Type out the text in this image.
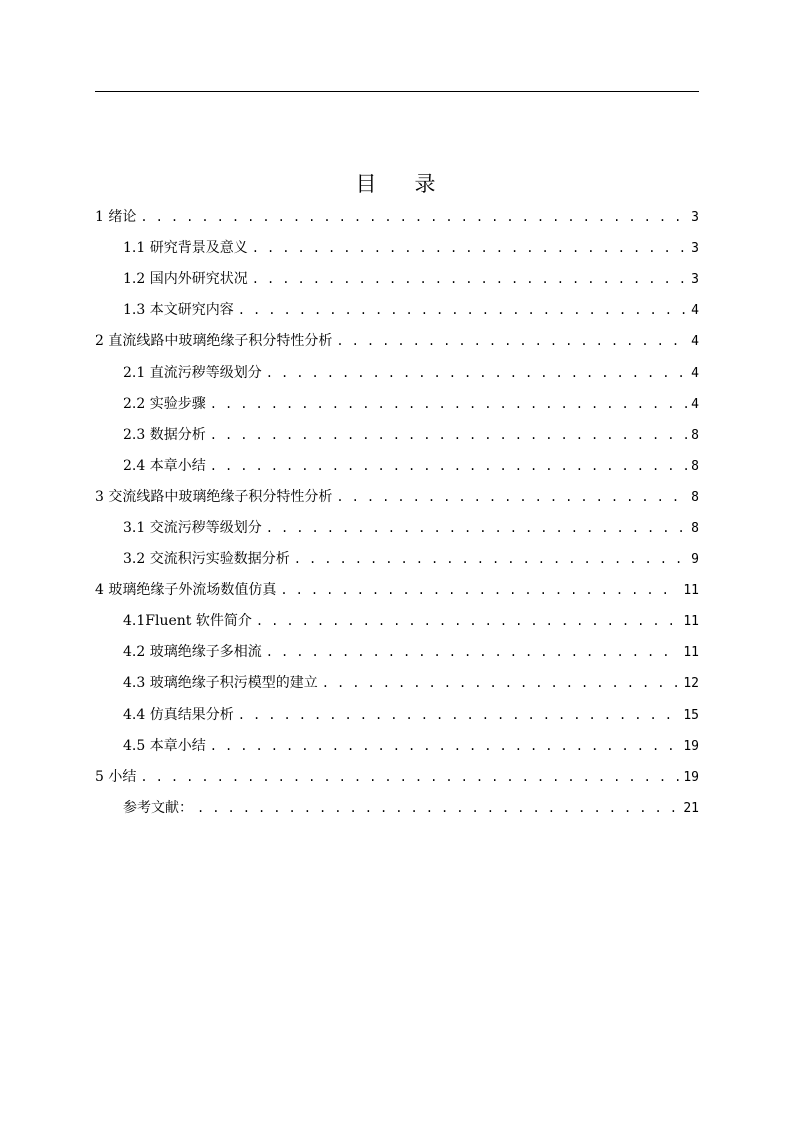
目 录
1 绪论 . . .	3
1.1 研究背景及意义 . . .	3
1.2 国内外研究状况 . . .	3
1.3 本文研究内容 . . .	4
2 直流线路中玻璃绝缘子积分特性分析 . . .	4
2.1 直流污秽等级划分 . . .	4
2.2 实验步骤 . . .	4
2.3 数据分析 . . .	8
2.4 本章小结 . . .	8
3 交流线路中玻璃绝缘子积分特性分析 . . .	8
3.1 交流污秽等级划分 . . .	8
3.2 交流积污实验数据分析 . . .	9
4 玻璃绝缘子外流场数值仿真 . . .	11
4.1Fluent 软件简介 . . .	11
4.2 玻璃绝缘子多相流 . . .	11
4.3 玻璃绝缘子积污模型的建立 . . .	12
4.4 仿真结果分析 . . .	15
4.5 本章小结 . . .	19
5 小结 . . .	19
参考文献： . . .	21
